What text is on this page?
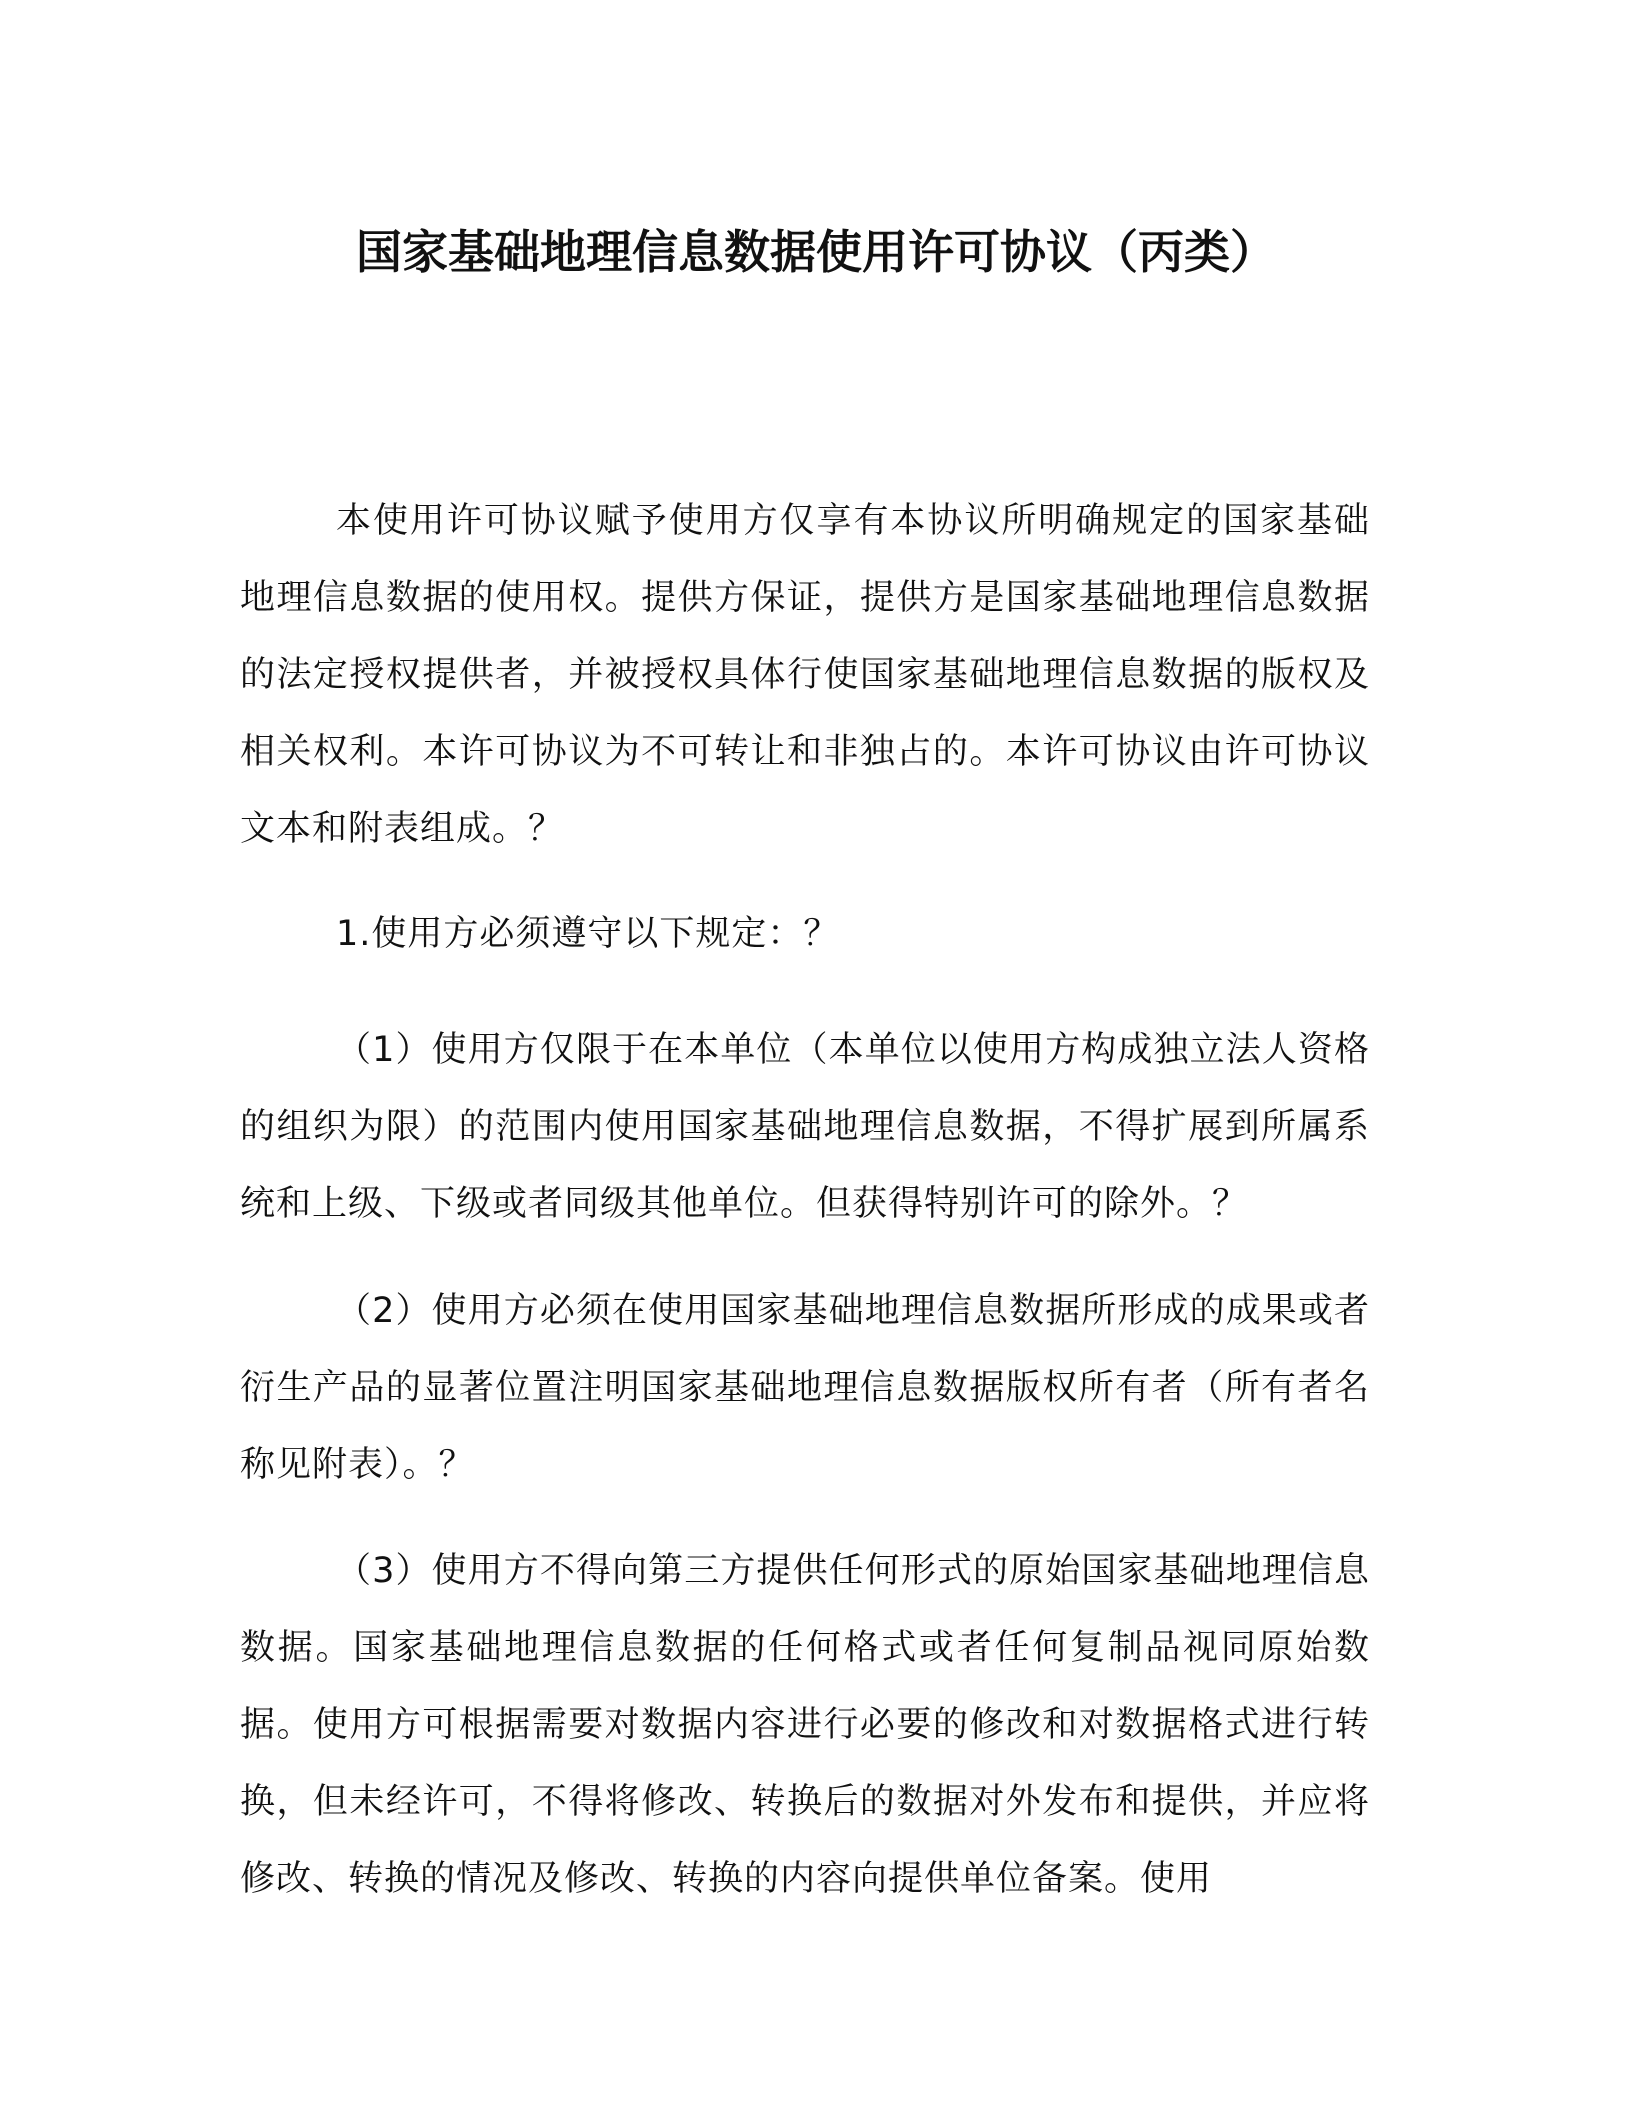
国家基础地理信息数据使用许可协议（丙类）

本使用许可协议赋予使用方仅享有本协议所明确规定的国家基础地理信息数据的使用权。提供方保证，提供方是国家基础地理信息数据的法定授权提供者，并被授权具体行使国家基础地理信息数据的版权及相关权利。本许可协议为不可转让和非独占的。本许可协议由许可协议文本和附表组成。？

1.使用方必须遵守以下规定：？

（1）使用方仅限于在本单位（本单位以使用方构成独立法人资格的组织为限）的范围内使用国家基础地理信息数据，不得扩展到所属系统和上级、下级或者同级其他单位。但获得特别许可的除外。？

（2）使用方必须在使用国家基础地理信息数据所形成的成果或者衍生产品的显著位置注明国家基础地理信息数据版权所有者（所有者名称见附表）。？

（3）使用方不得向第三方提供任何形式的原始国家基础地理信息数据。国家基础地理信息数据的任何格式或者任何复制品视同原始数据。使用方可根据需要对数据内容进行必要的修改和对数据格式进行转换，但未经许可，不得将修改、转换后的数据对外发布和提供，并应将修改、转换的情况及修改、转换的内容向提供单位备案。使用
